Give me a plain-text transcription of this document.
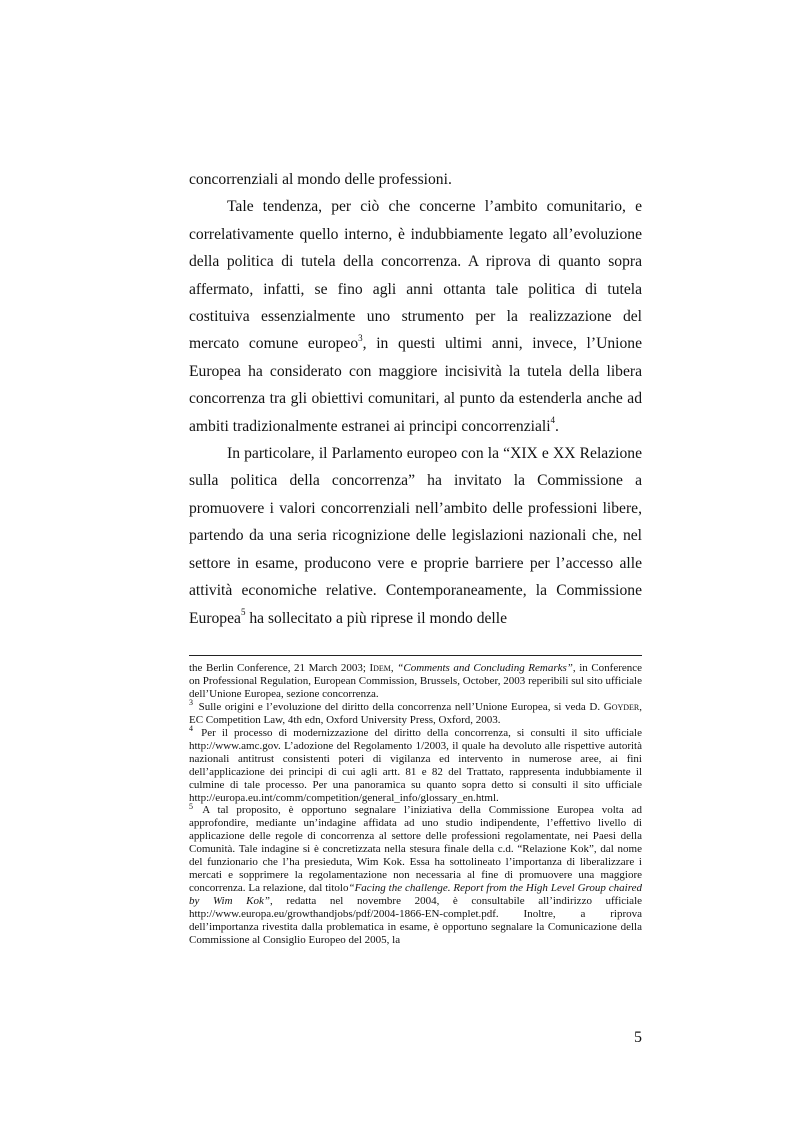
concorrenziali al mondo delle professioni.

Tale tendenza, per ciò che concerne l’ambito comunitario, e correlativamente quello interno, è indubbiamente legato all’evoluzione della politica di tutela della concorrenza. A riprova di quanto sopra affermato, infatti, se fino agli anni ottanta tale politica di tutela costituiva essenzialmente uno strumento per la realizzazione del mercato comune europeo$^3$, in questi ultimi anni, invece, l’Unione Europea ha considerato con maggiore incisività la tutela della libera concorrenza tra gli obiettivi comunitari, al punto da estenderla anche ad ambiti tradizionalmente estranei ai principi concorrenziali$^4$.

In particolare, il Parlamento europeo con la “XIX e XX Relazione sulla politica della concorrenza” ha invitato la Commissione a promuovere i valori concorrenziali nell’ambito delle professioni libere, partendo da una seria ricognizione delle legislazioni nazionali che, nel settore in esame, producono vere e proprie barriere per l’accesso alle attività economiche relative. Contemporaneamente, la Commissione Europea$^5$ ha sollecitato a più riprese il mondo delle

the Berlin Conference, 21 March 2003; Idem, “Comments and Concluding Remarks”, in Conference on Professional Regulation, European Commission, Brussels, October, 2003 reperibili sul sito ufficiale dell’Unione Europea, sezione concorrenza.

$^3$ Sulle origini e l’evoluzione del diritto della concorrenza nell’Unione Europea, si veda D. Goyder, EC Competition Law, 4th edn, Oxford University Press, Oxford, 2003.

$^4$ Per il processo di modernizzazione del diritto della concorrenza, si consulti il sito ufficiale http://www.amc.gov. L’adozione del Regolamento 1/2003, il quale ha devoluto alle rispettive autorità nazionali antitrust consistenti poteri di vigilanza ed intervento in numerose aree, ai fini dell’applicazione dei principi di cui agli artt. 81 e 82 del Trattato, rappresenta indubbiamente il culmine di tale processo. Per una panoramica su quanto sopra detto si consulti il sito ufficiale http://europa.eu.int/comm/competition/general_info/glossary_en.html.

$^5$ A tal proposito, è opportuno segnalare l’iniziativa della Commissione Europea volta ad approfondire, mediante un’indagine affidata ad uno studio indipendente, l’effettivo livello di applicazione delle regole di concorrenza al settore delle professioni regolamentate, nei Paesi della Comunità. Tale indagine si è concretizzata nella stesura finale della c.d. “Relazione Kok”, dal nome del funzionario che l’ha presieduta, Wim Kok. Essa ha sottolineato l’importanza di liberalizzare i mercati e sopprimere la regolamentazione non necessaria al fine di promuovere una maggiore concorrenza. La relazione, dal titolo“Facing the challenge. Report from the High Level Group chaired by Wim Kok”, redatta nel novembre 2004, è consultabile all’indirizzo ufficiale http://www.europa.eu/growthandjobs/pdf/2004-1866-EN-complet.pdf. Inoltre, a riprova dell’importanza rivestita dalla problematica in esame, è opportuno segnalare la Comunicazione della Commissione al Consiglio Europeo del 2005, la

5
